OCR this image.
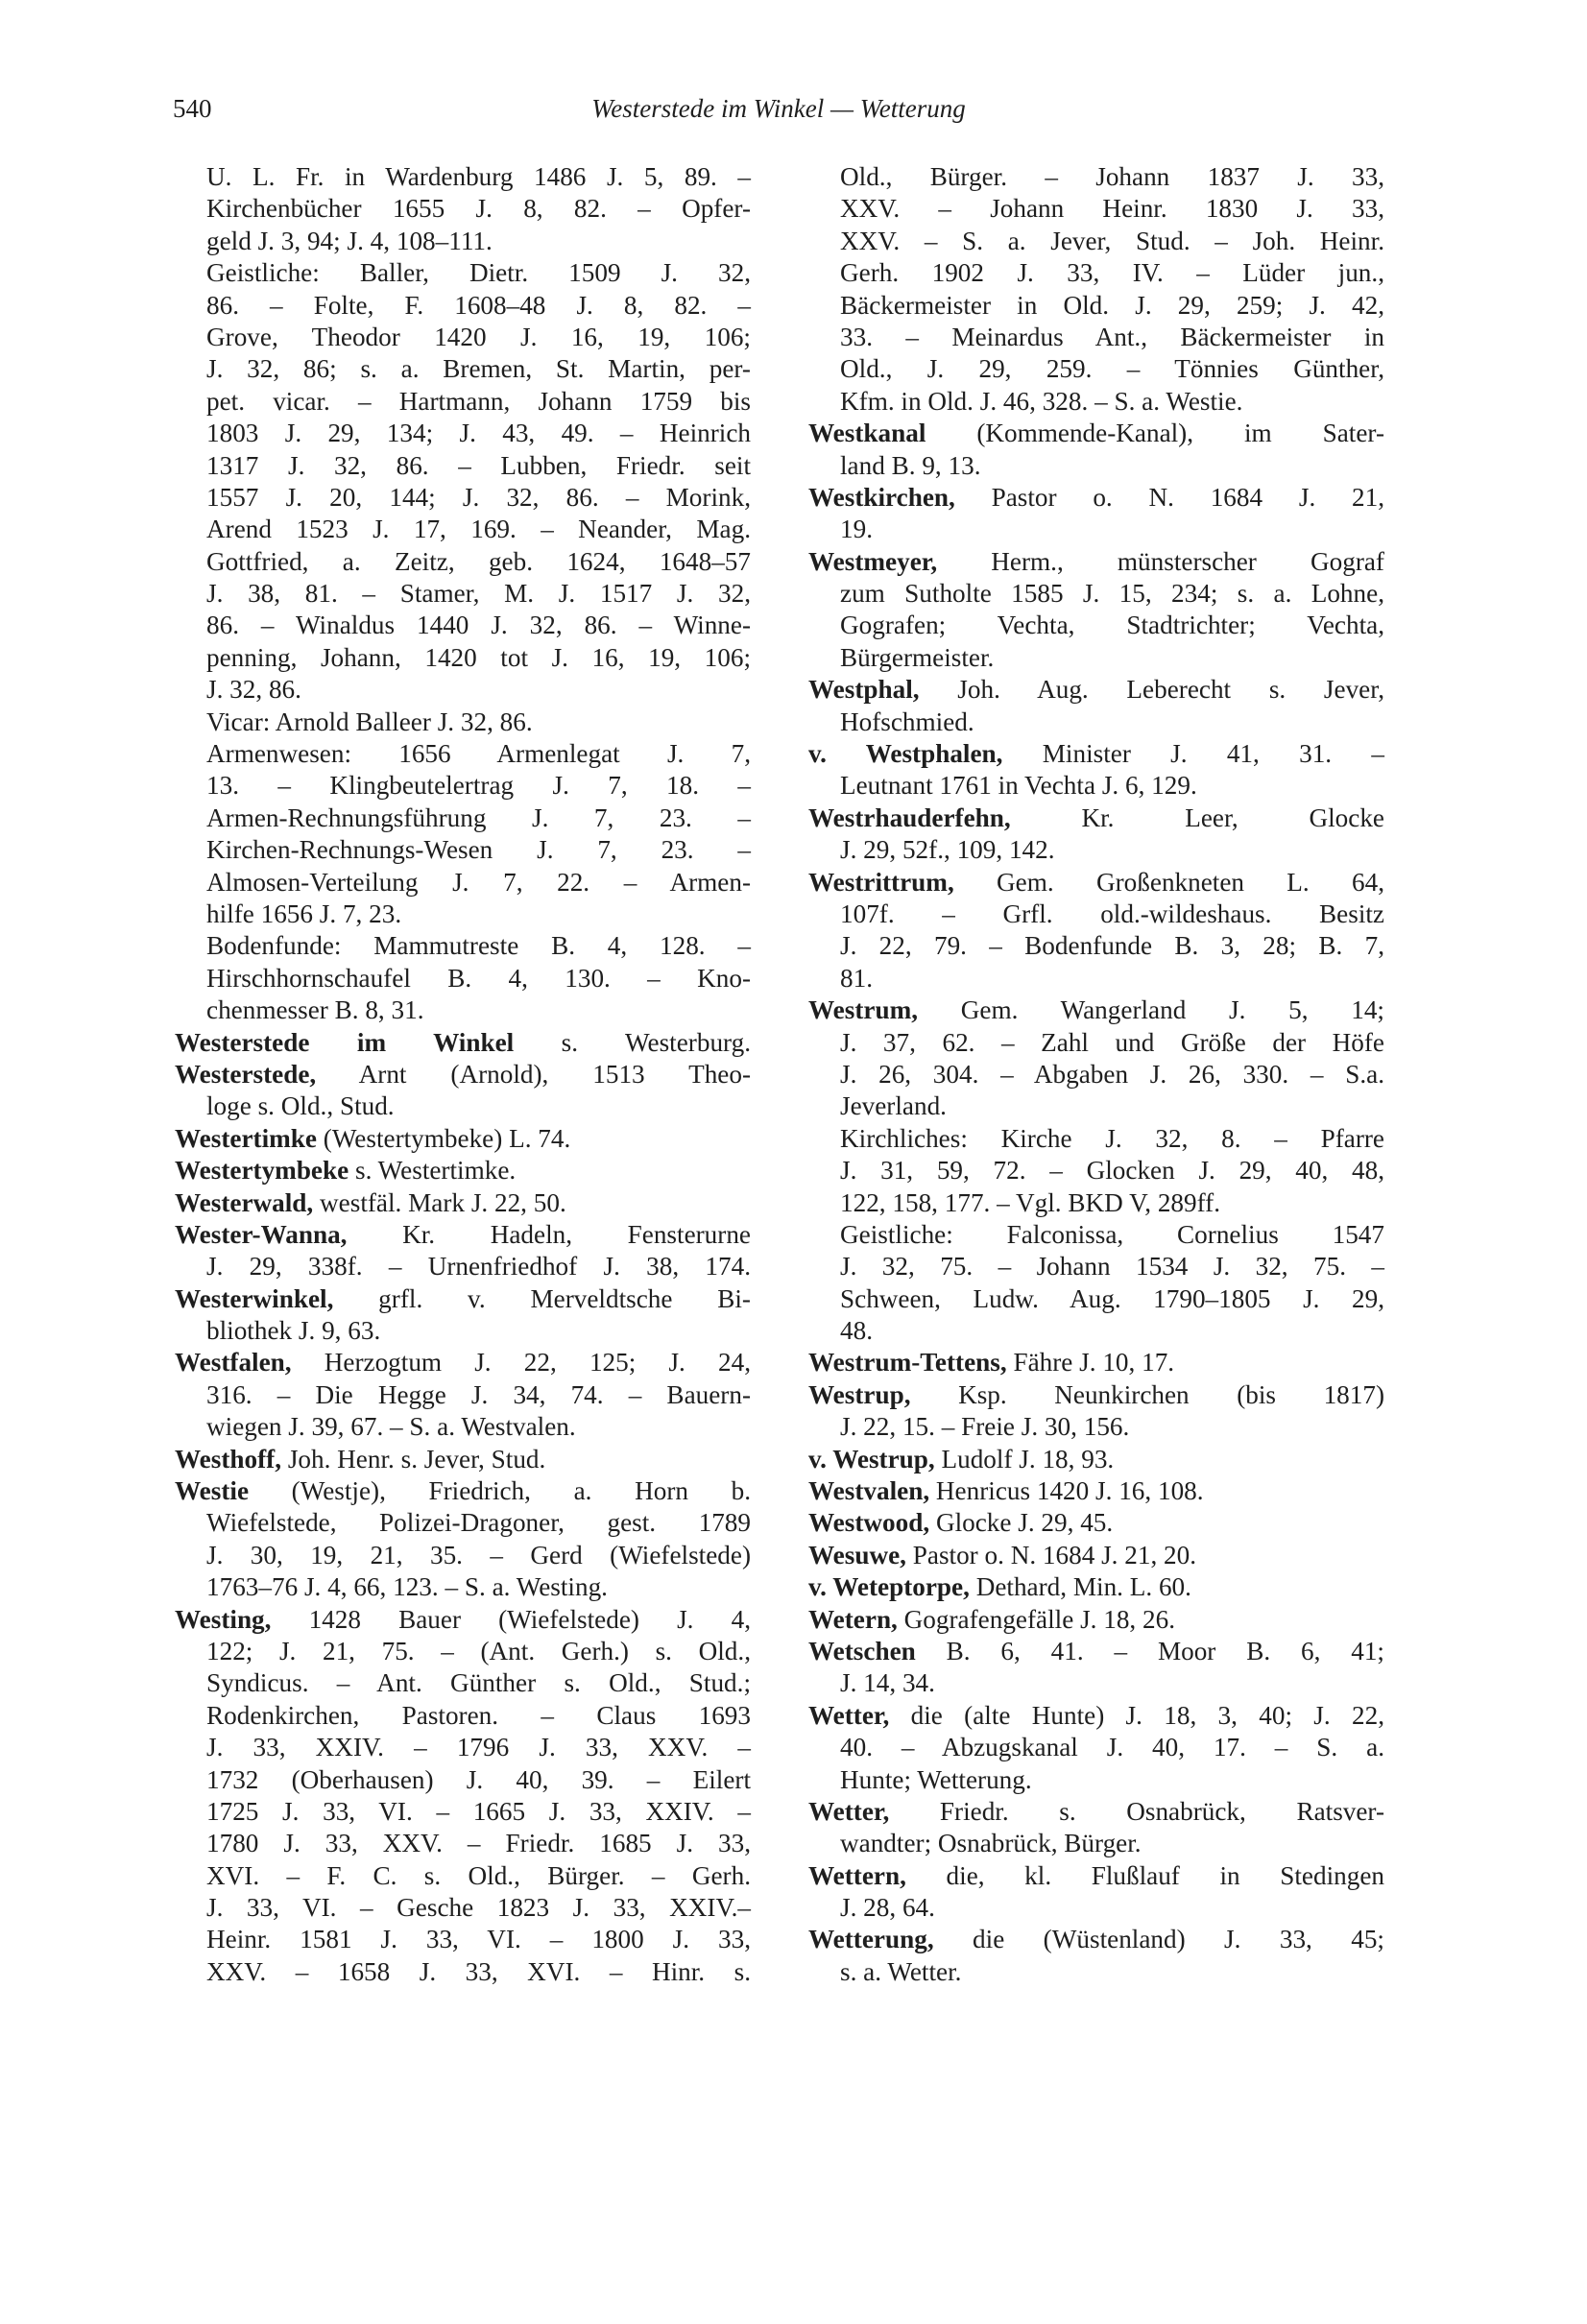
540	Westerstede im Winkel — Wetterung
U. L. Fr. in Wardenburg 1486 J. 5, 89. –
Kirchenbücher 1655 J. 8, 82. – Opfer-
geld J. 3, 94; J. 4, 108–111.
Geistliche: Baller, Dietr. 1509 J. 32,
86. – Folte, F. 1608–48 J. 8, 82. –
Grove, Theodor 1420 J. 16, 19, 106;
J. 32, 86; s. a. Bremen, St. Martin, per-
pet. vicar. – Hartmann, Johann 1759 bis
1803 J. 29, 134; J. 43, 49. – Heinrich
1317 J. 32, 86. – Lubben, Friedr. seit
1557 J. 20, 144; J. 32, 86. – Morink,
Arend 1523 J. 17, 169. – Neander, Mag.
Gottfried, a. Zeitz, geb. 1624, 1648–57
J. 38, 81. – Stamer, M. J. 1517 J. 32,
86. – Winaldus 1440 J. 32, 86. – Winne-
penning, Johann, 1420 tot J. 16, 19, 106;
J. 32, 86.
Vicar: Arnold Balleer J. 32, 86.
Armenwesen: 1656 Armenlegat J. 7,
13. – Klingbeutelertrag J. 7, 18. –
Armen-Rechnungsführung J. 7, 23. –
Kirchen-Rechnungs-Wesen J. 7, 23. –
Almosen-Verteilung J. 7, 22. – Armen-
hilfe 1656 J. 7, 23.
Bodenfunde: Mammutreste B. 4, 128. –
Hirschhornschaufel B. 4, 130. – Kno-
chenmesser B. 8, 31.
Westerstede im Winkel s. Westerburg.
Westerstede, Arnt (Arnold), 1513 Theo-
loge s. Old., Stud.
Westertimke (Westertymbeke) L. 74.
Westertymbeke s. Westertimke.
Westerwald, westfäl. Mark J. 22, 50.
Wester-Wanna, Kr. Hadeln, Fensterurne
J. 29, 338f. – Urnenfriedhof J. 38, 174.
Westerwinkel, grfl. v. Merveldtsche Bi-
bliothek J. 9, 63.
Westfalen, Herzogtum J. 22, 125; J. 24,
316. – Die Hegge J. 34, 74. – Bauern-
wiegen J. 39, 67. – S. a. Westvalen.
Westhoff, Joh. Henr. s. Jever, Stud.
Westie (Westje), Friedrich, a. Horn b.
Wiefelstede, Polizei-Dragoner, gest. 1789
J. 30, 19, 21, 35. – Gerd (Wiefelstede)
1763–76 J. 4, 66, 123. – S. a. Westing.
Westing, 1428 Bauer (Wiefelstede) J. 4,
122; J. 21, 75. – (Ant. Gerh.) s. Old.,
Syndicus. – Ant. Günther s. Old., Stud.;
Rodenkirchen, Pastoren. – Claus 1693
J. 33, XXIV. – 1796 J. 33, XXV. –
1732 (Oberhausen) J. 40, 39. – Eilert
1725 J. 33, VI. – 1665 J. 33, XXIV. –
1780 J. 33, XXV. – Friedr. 1685 J. 33,
XVI. – F. C. s. Old., Bürger. – Gerh.
J. 33, VI. – Gesche 1823 J. 33, XXIV.–
Heinr. 1581 J. 33, VI. – 1800 J. 33,
XXV. – 1658 J. 33, XVI. – Hinr. s.
Old., Bürger. – Johann 1837 J. 33,
XXV. – Johann Heinr. 1830 J. 33,
XXV. – S. a. Jever, Stud. – Joh. Heinr.
Gerh. 1902 J. 33, IV. – Lüder jun.,
Bäckermeister in Old. J. 29, 259; J. 42,
33. – Meinardus Ant., Bäckermeister in
Old., J. 29, 259. – Tönnies Günther,
Kfm. in Old. J. 46, 328. – S. a. Westie.
Westkanal (Kommende-Kanal), im Sater-
land B. 9, 13.
Westkirchen, Pastor o. N. 1684 J. 21,
19.
Westmeyer, Herm., münsterscher Gograf
zum Sutholte 1585 J. 15, 234; s. a. Lohne,
Gografen; Vechta, Stadtrichter; Vechta,
Bürgermeister.
Westphal, Joh. Aug. Leberecht s. Jever,
Hofschmied.
v. Westphalen, Minister J. 41, 31. –
Leutnant 1761 in Vechta J. 6, 129.
Westrhauderfehn, Kr. Leer, Glocke
J. 29, 52f., 109, 142.
Westrittrum, Gem. Großenkneten L. 64,
107f. – Grfl. old.-wildeshaus. Besitz
J. 22, 79. – Bodenfunde B. 3, 28; B. 7,
81.
Westrum, Gem. Wangerland J. 5, 14;
J. 37, 62. – Zahl und Größe der Höfe
J. 26, 304. – Abgaben J. 26, 330. – S.a.
Jeverland.
Kirchliches: Kirche J. 32, 8. – Pfarre
J. 31, 59, 72. – Glocken J. 29, 40, 48,
122, 158, 177. – Vgl. BKD V, 289ff.
Geistliche: Falconissa, Cornelius 1547
J. 32, 75. – Johann 1534 J. 32, 75. –
Schween, Ludw. Aug. 1790–1805 J. 29,
48.
Westrum-Tettens, Fähre J. 10, 17.
Westrup, Ksp. Neunkirchen (bis 1817)
J. 22, 15. – Freie J. 30, 156.
v. Westrup, Ludolf J. 18, 93.
Westvalen, Henricus 1420 J. 16, 108.
Westwood, Glocke J. 29, 45.
Wesuwe, Pastor o. N. 1684 J. 21, 20.
v. Weteptorpe, Dethard, Min. L. 60.
Wetern, Gografengefälle J. 18, 26.
Wetschen B. 6, 41. – Moor B. 6, 41;
J. 14, 34.
Wetter, die (alte Hunte) J. 18, 3, 40; J. 22,
40. – Abzugskanal J. 40, 17. – S. a.
Hunte; Wetterung.
Wetter, Friedr. s. Osnabrück, Ratsver-
wandter; Osnabrück, Bürger.
Wettern, die, kl. Flußlauf in Stedingen
J. 28, 64.
Wetterung, die (Wüstenland) J. 33, 45;
s. a. Wetter.
